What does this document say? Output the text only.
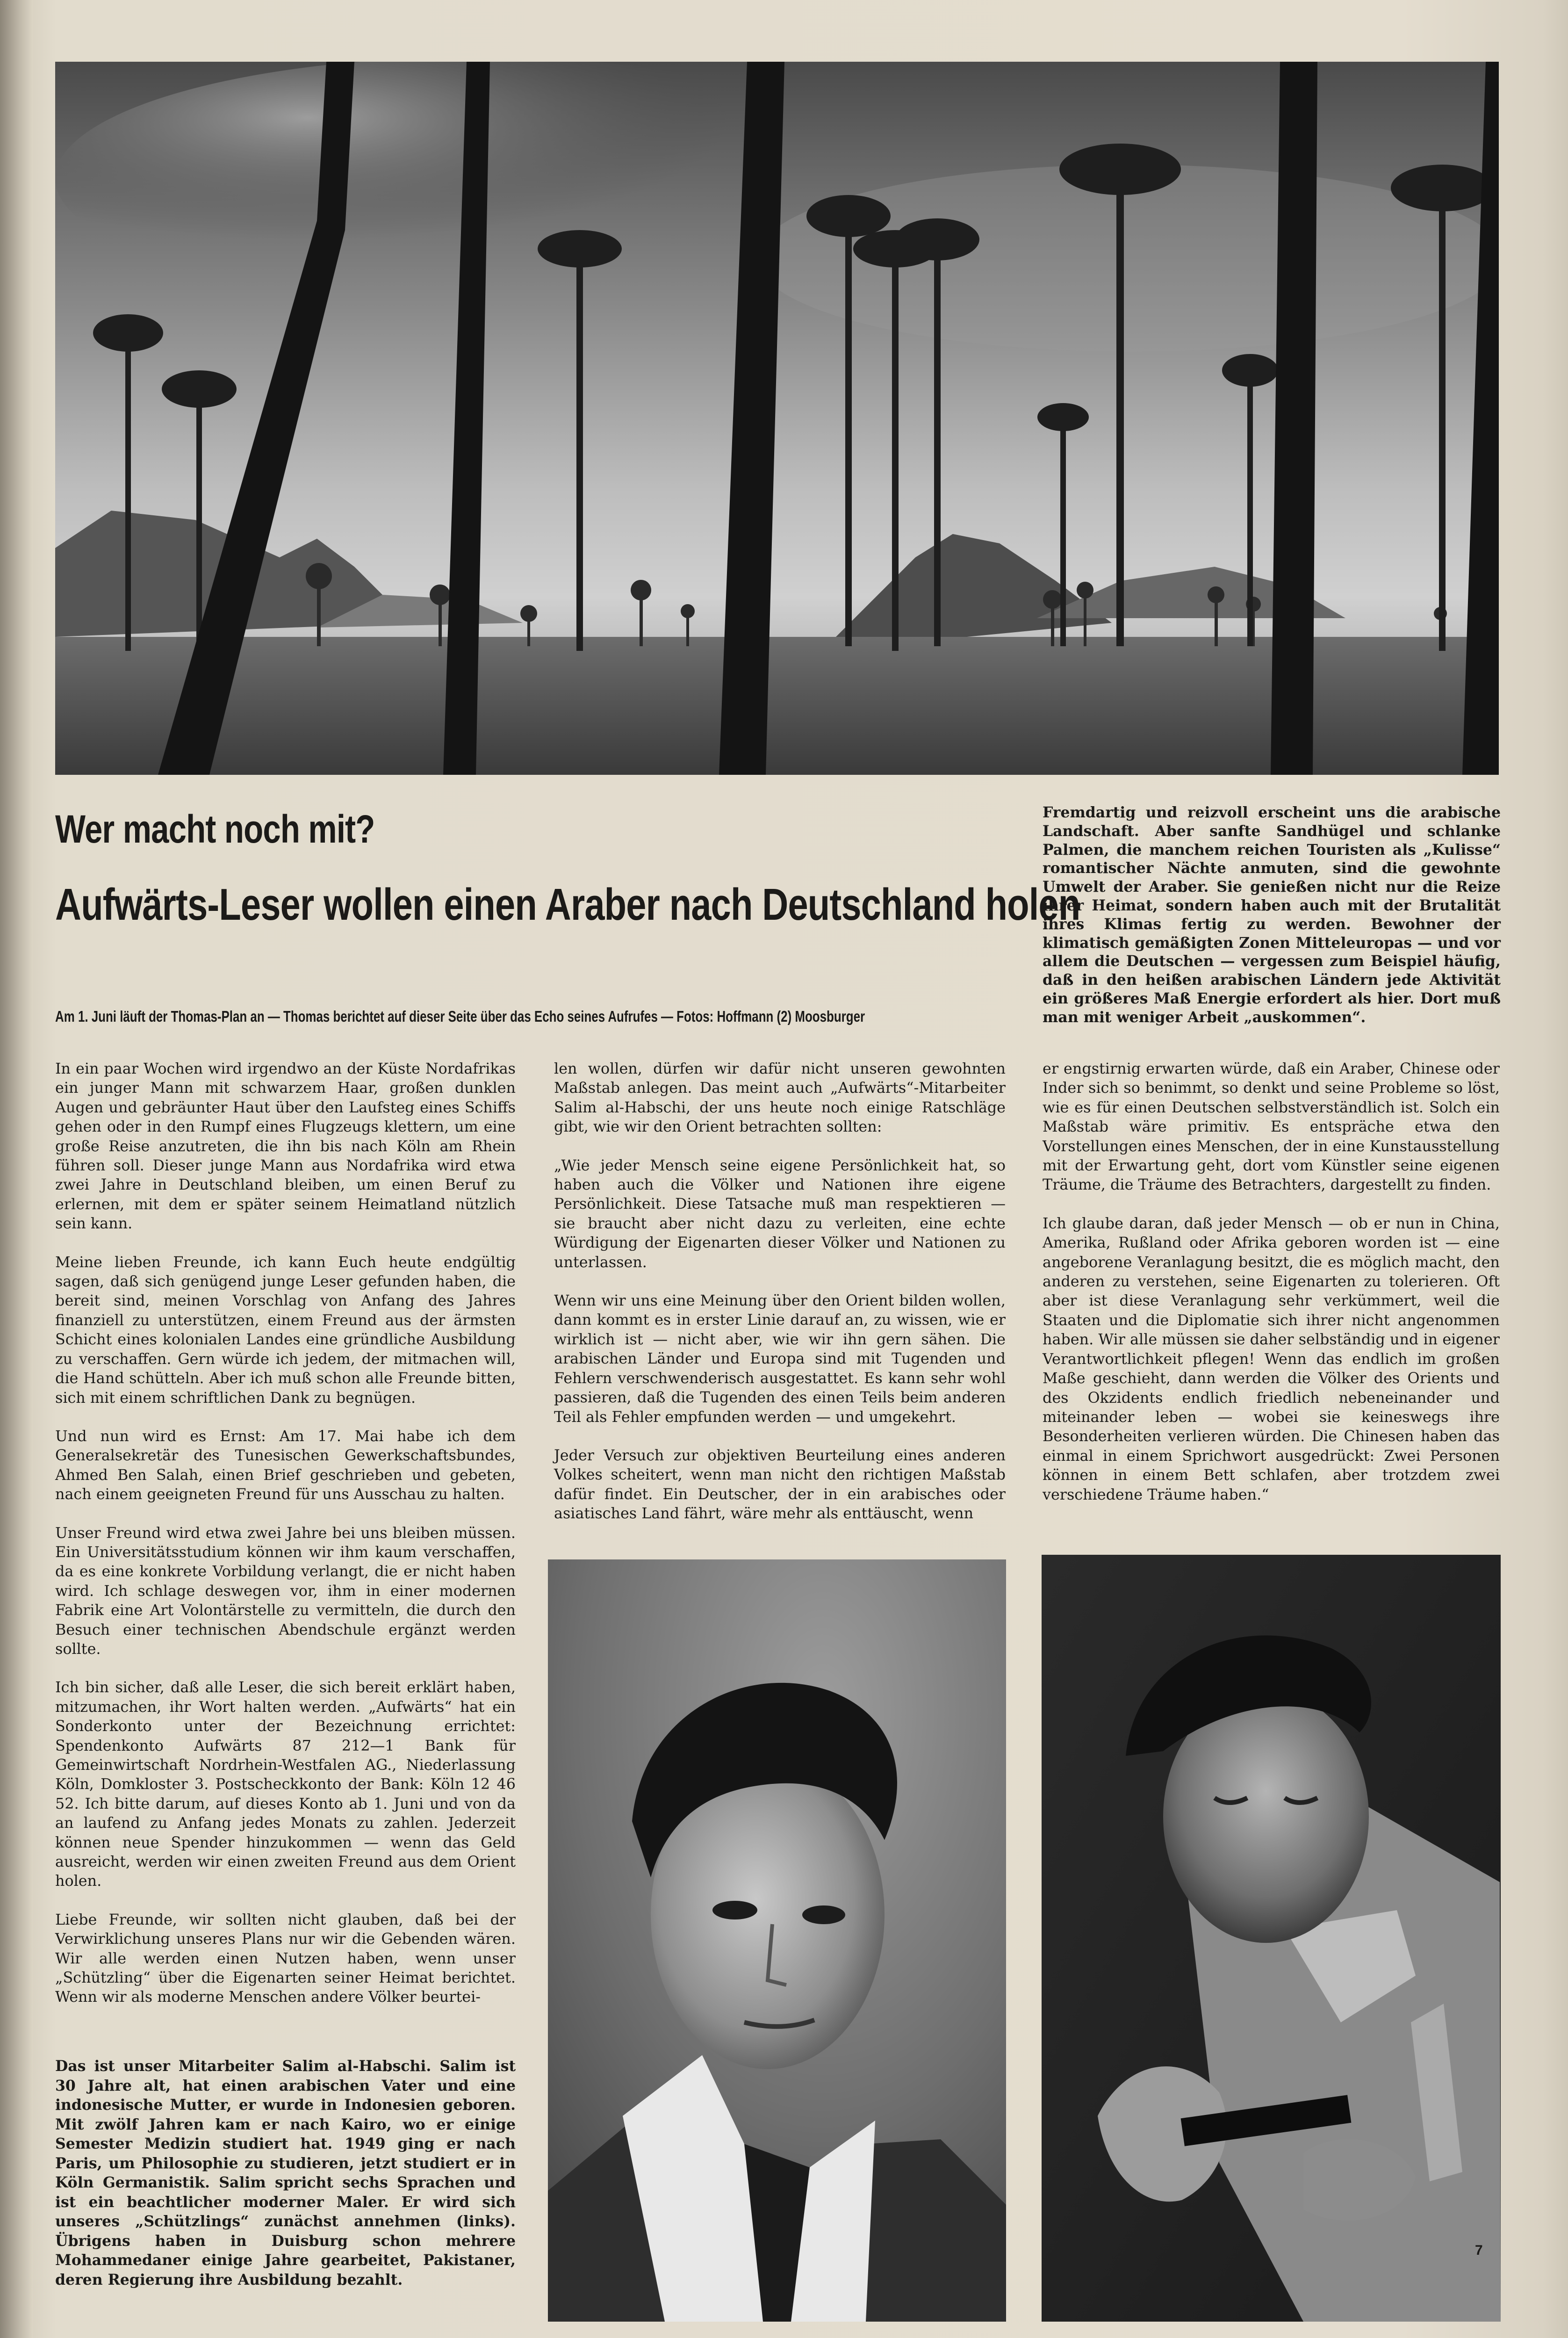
Wer macht noch mit?
Aufwärts-Leser wollen einen Araber nach Deutschland holen
Am 1. Juni läuft der Thomas-Plan an — Thomas berichtet auf dieser Seite über das Echo seines Aufrufes — Fotos: Hoffmann (2) Moosburger
Fremdartig und reizvoll erscheint uns die arabische Landschaft. Aber sanfte Sandhügel und schlanke Palmen, die manchem reichen Touristen als „Kulisse“ romantischer Nächte anmuten, sind die gewohnte Umwelt der Araber. Sie genießen nicht nur die Reize ihrer Heimat, sondern haben auch mit der Brutalität ihres Klimas fertig zu werden. Bewohner der klimatisch gemäßigten Zonen Mitteleuropas — und vor allem die Deutschen — vergessen zum Beispiel häufig, daß in den heißen arabischen Ländern jede Aktivität ein größeres Maß Energie erfordert als hier. Dort muß man mit weniger Arbeit „auskommen“.

In ein paar Wochen wird irgendwo an der Küste Nordafrikas ein junger Mann mit schwarzem Haar, großen dunklen Augen und gebräunter Haut über den Laufsteg eines Schiffs gehen oder in den Rumpf eines Flugzeugs klettern, um eine große Reise anzutreten, die ihn bis nach Köln am Rhein führen soll. Dieser junge Mann aus Nordafrika wird etwa zwei Jahre in Deutschland bleiben, um einen Beruf zu erlernen, mit dem er später seinem Heimatland nützlich sein kann.

Meine lieben Freunde, ich kann Euch heute endgültig sagen, daß sich genügend junge Leser gefunden haben, die bereit sind, meinen Vorschlag von Anfang des Jahres finanziell zu unterstützen, einem Freund aus der ärmsten Schicht eines kolonialen Landes eine gründliche Ausbildung zu verschaffen. Gern würde ich jedem, der mitmachen will, die Hand schütteln. Aber ich muß schon alle Freunde bitten, sich mit einem schriftlichen Dank zu begnügen.

Und nun wird es Ernst: Am 17. Mai habe ich dem Generalsekretär des Tunesischen Gewerkschaftsbundes, Ahmed Ben Salah, einen Brief geschrieben und gebeten, nach einem geeigneten Freund für uns Ausschau zu halten.

Unser Freund wird etwa zwei Jahre bei uns bleiben müssen. Ein Universitätsstudium können wir ihm kaum verschaffen, da es eine konkrete Vorbildung verlangt, die er nicht haben wird. Ich schlage deswegen vor, ihm in einer modernen Fabrik eine Art Volontärstelle zu vermitteln, die durch den Besuch einer technischen Abendschule ergänzt werden sollte.

Ich bin sicher, daß alle Leser, die sich bereit erklärt haben, mitzumachen, ihr Wort halten werden. „Aufwärts“ hat ein Sonderkonto unter der Bezeichnung errichtet: Spendenkonto Aufwärts 87 212—1 Bank für Gemeinwirtschaft Nordrhein-Westfalen AG., Niederlassung Köln, Domkloster 3. Postscheckkonto der Bank: Köln 12 46 52. Ich bitte darum, auf dieses Konto ab 1. Juni und von da an laufend zu Anfang jedes Monats zu zahlen. Jederzeit können neue Spender hinzukommen — wenn das Geld ausreicht, werden wir einen zweiten Freund aus dem Orient holen.

Liebe Freunde, wir sollten nicht glauben, daß bei der Verwirklichung unseres Plans nur wir die Gebenden wären. Wir alle werden einen Nutzen haben, wenn unser „Schützling“ über die Eigenarten seiner Heimat berichtet. Wenn wir als moderne Menschen andere Völker beurtei-

len wollen, dürfen wir dafür nicht unseren gewohnten Maßstab anlegen. Das meint auch „Aufwärts“-Mitarbeiter Salim al-Habschi, der uns heute noch einige Ratschläge gibt, wie wir den Orient betrachten sollten:

„Wie jeder Mensch seine eigene Persönlichkeit hat, so haben auch die Völker und Nationen ihre eigene Persönlichkeit. Diese Tatsache muß man respektieren — sie braucht aber nicht dazu zu verleiten, eine echte Würdigung der Eigenarten dieser Völker und Nationen zu unterlassen.

Wenn wir uns eine Meinung über den Orient bilden wollen, dann kommt es in erster Linie darauf an, zu wissen, wie er wirklich ist — nicht aber, wie wir ihn gern sähen. Die arabischen Länder und Europa sind mit Tugenden und Fehlern verschwenderisch ausgestattet. Es kann sehr wohl passieren, daß die Tugenden des einen Teils beim anderen Teil als Fehler empfunden werden — und umgekehrt.

Jeder Versuch zur objektiven Beurteilung eines anderen Volkes scheitert, wenn man nicht den richtigen Maßstab dafür findet. Ein Deutscher, der in ein arabisches oder asiatisches Land fährt, wäre mehr als enttäuscht, wenn

er engstirnig erwarten würde, daß ein Araber, Chinese oder Inder sich so benimmt, so denkt und seine Probleme so löst, wie es für einen Deutschen selbstverständlich ist. Solch ein Maßstab wäre primitiv. Es entspräche etwa den Vorstellungen eines Menschen, der in eine Kunstausstellung mit der Erwartung geht, dort vom Künstler seine eigenen Träume, die Träume des Betrachters, dargestellt zu finden.

Ich glaube daran, daß jeder Mensch — ob er nun in China, Amerika, Rußland oder Afrika geboren worden ist — eine angeborene Veranlagung besitzt, die es möglich macht, den anderen zu verstehen, seine Eigenarten zu tolerieren. Oft aber ist diese Veranlagung sehr verkümmert, weil die Staaten und die Diplomatie sich ihrer nicht angenommen haben. Wir alle müssen sie daher selbständig und in eigener Verantwortlichkeit pflegen! Wenn das endlich im großen Maße geschieht, dann werden die Völker des Orients und des Okzidents endlich friedlich nebeneinander und miteinander leben — wobei sie keineswegs ihre Besonderheiten verlieren würden. Die Chinesen haben das einmal in einem Sprichwort ausgedrückt: Zwei Personen können in einem Bett schlafen, aber trotzdem zwei verschiedene Träume haben.“

Das ist unser Mitarbeiter Salim al-Habschi. Salim ist 30 Jahre alt, hat einen arabischen Vater und eine indonesische Mutter, er wurde in Indonesien geboren. Mit zwölf Jahren kam er nach Kairo, wo er einige Semester Medizin studiert hat. 1949 ging er nach Paris, um Philosophie zu studieren, jetzt studiert er in Köln Germanistik. Salim spricht sechs Sprachen und ist ein beachtlicher moderner Maler. Er wird sich unseres „Schützlings“ zunächst annehmen (links). Übrigens haben in Duisburg schon mehrere Mohammedaner einige Jahre gearbeitet, Pakistaner, deren Regierung ihre Ausbildung bezahlt.
7
